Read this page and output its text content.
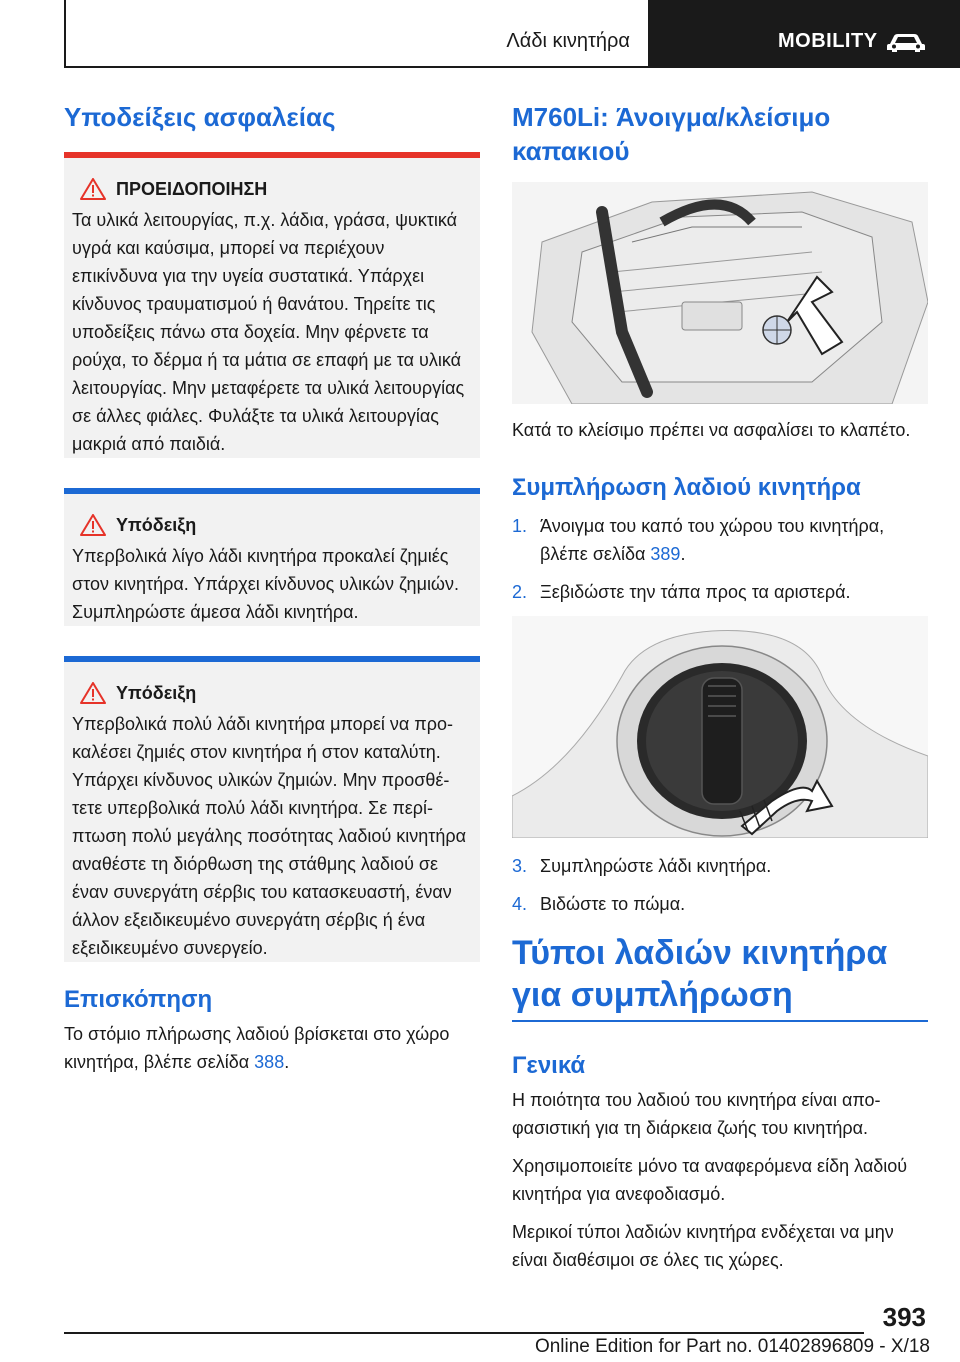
Λάδι κινητήρα	MOBILITY
Υποδείξεις ασφαλείας
ΠΡΟΕΙΔΟΠΟΙΗΣΗ

Τα υλικά λειτουργίας, π.χ. λάδια, γράσα, ψυκτικά υγρά και καύσιμα, μπορεί να περιέχουν επικίνδυνα για την υγεία συστατικά. Υπάρχει κίνδυνος τραυματισμού ή θανάτου. Τηρείτε τις υποδείξεις πάνω στα δοχεία. Μην φέρνετε τα ρούχα, το δέρμα ή τα μάτια σε επαφή με τα υλικά λειτουργίας. Μην μεταφέρετε τα υλικά λειτουργίας σε άλλες φιάλες. Φυλάξτε τα υλικά λειτουργίας μακριά από παιδιά.

Υπόδειξη

Υπερβολικά λίγο λάδι κινητήρα προκαλεί ζημιές στον κινητήρα. Υπάρχει κίνδυνος υλικών ζημιών. Συμπληρώστε άμεσα λάδι κινητήρα.

Υπόδειξη

Υπερβολικά πολύ λάδι κινητήρα μπορεί να προκαλέσει ζημιές στον κινητήρα ή στον καταλύτη. Υπάρχει κίνδυνος υλικών ζημιών. Μην προσθέτετε υπερβολικά πολύ λάδι κινητήρα. Σε περίπτωση πολύ μεγάλης ποσότητας λαδιού κινητήρα αναθέστε τη διόρθωση της στάθμης λαδιού σε έναν συνεργάτη σέρβις του κατασκευαστή, έναν άλλον εξειδικευμένο συνεργάτη σέρβις ή ένα εξειδικευμένο συνεργείο.

Επισκόπηση

Το στόμιο πλήρωσης λαδιού βρίσκεται στο χώρο κινητήρα, βλέπε σελίδα 388.

M760Li: Άνοιγμα/κλείσιμο καπακιού

Κατά το κλείσιμο πρέπει να ασφαλίσει το κλαπέτο.

Συμπλήρωση λαδιού κινητήρα
1. Άνοιγμα του καπό του χώρου του κινητήρα, βλέπε σελίδα 389.
2. Ξεβιδώστε την τάπα προς τα αριστερά.
3. Συμπληρώστε λάδι κινητήρα.
4. Βιδώστε το πώμα.
Τύποι λαδιών κινητήρα για συμπλήρωση
Γενικά

Η ποιότητα του λαδιού του κινητήρα είναι αποφασιστική για τη διάρκεια ζωής του κινητήρα.

Χρησιμοποιείτε μόνο τα αναφερόμενα είδη λαδιού κινητήρα για ανεφοδιασμό.

Μερικοί τύποι λαδιών κινητήρα ενδέχεται να μην είναι διαθέσιμοι σε όλες τις χώρες.

393
Online Edition for Part no. 01402896809 - X/18
